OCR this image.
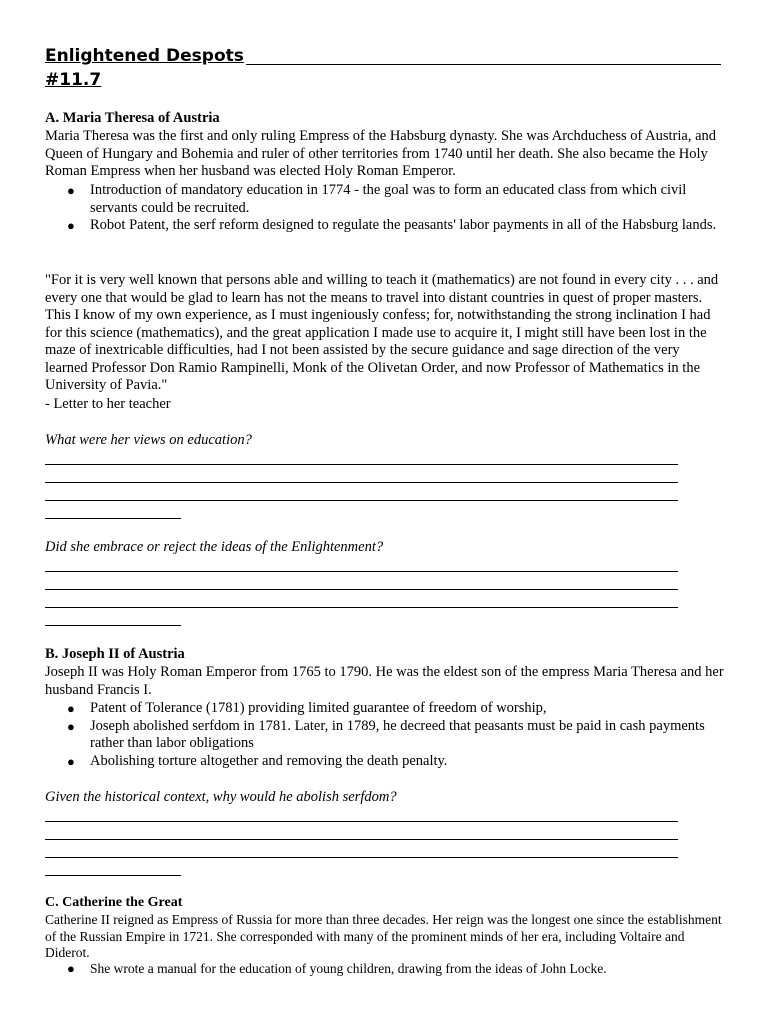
Enlightened Despots
#11.7
A. Maria Theresa of Austria
Maria Theresa was the first and only ruling Empress of the Habsburg dynasty. She was Archduchess of Austria, and Queen of Hungary and Bohemia and ruler of other territories from 1740 until her death. She also became the Holy Roman Empress when her husband was elected Holy Roman Emperor.
● Introduction of mandatory education in 1774 - the goal was to form an educated class from which civil servants could be recruited.
● Robot Patent, the serf reform designed to regulate the peasants' labor payments in all of the Habsburg lands.
"For it is very well known that persons able and willing to teach it (mathematics) are not found in every city . . . and every one that would be glad to learn has not the means to travel into distant countries in quest of proper masters. This I know of my own experience, as I must ingeniously confess; for, notwithstanding the strong inclination I had for this science (mathematics), and the great application I made use to acquire it, I might still have been lost in the maze of inextricable difficulties, had I not been assisted by the secure guidance and sage direction of the very learned Professor Don Ramio Rampinelli, Monk of the Olivetan Order, and now Professor of Mathematics in the University of Pavia."
- Letter to her teacher
What were her views on education?
Did she embrace or reject the ideas of the Enlightenment?
B. Joseph II of Austria
Joseph II was Holy Roman Emperor from 1765 to 1790. He was the eldest son of the empress Maria Theresa and her husband Francis I.
● Patent of Tolerance (1781) providing limited guarantee of freedom of worship,
● Joseph abolished serfdom in 1781. Later, in 1789, he decreed that peasants must be paid in cash payments rather than labor obligations
● Abolishing torture altogether and removing the death penalty.
Given the historical context, why would he abolish serfdom?
C. Catherine the Great
Catherine II reigned as Empress of Russia for more than three decades. Her reign was the longest one since the establishment of the Russian Empire in 1721. She corresponded with many of the prominent minds of her era, including Voltaire and Diderot.
● She wrote a manual for the education of young children, drawing from the ideas of John Locke.
